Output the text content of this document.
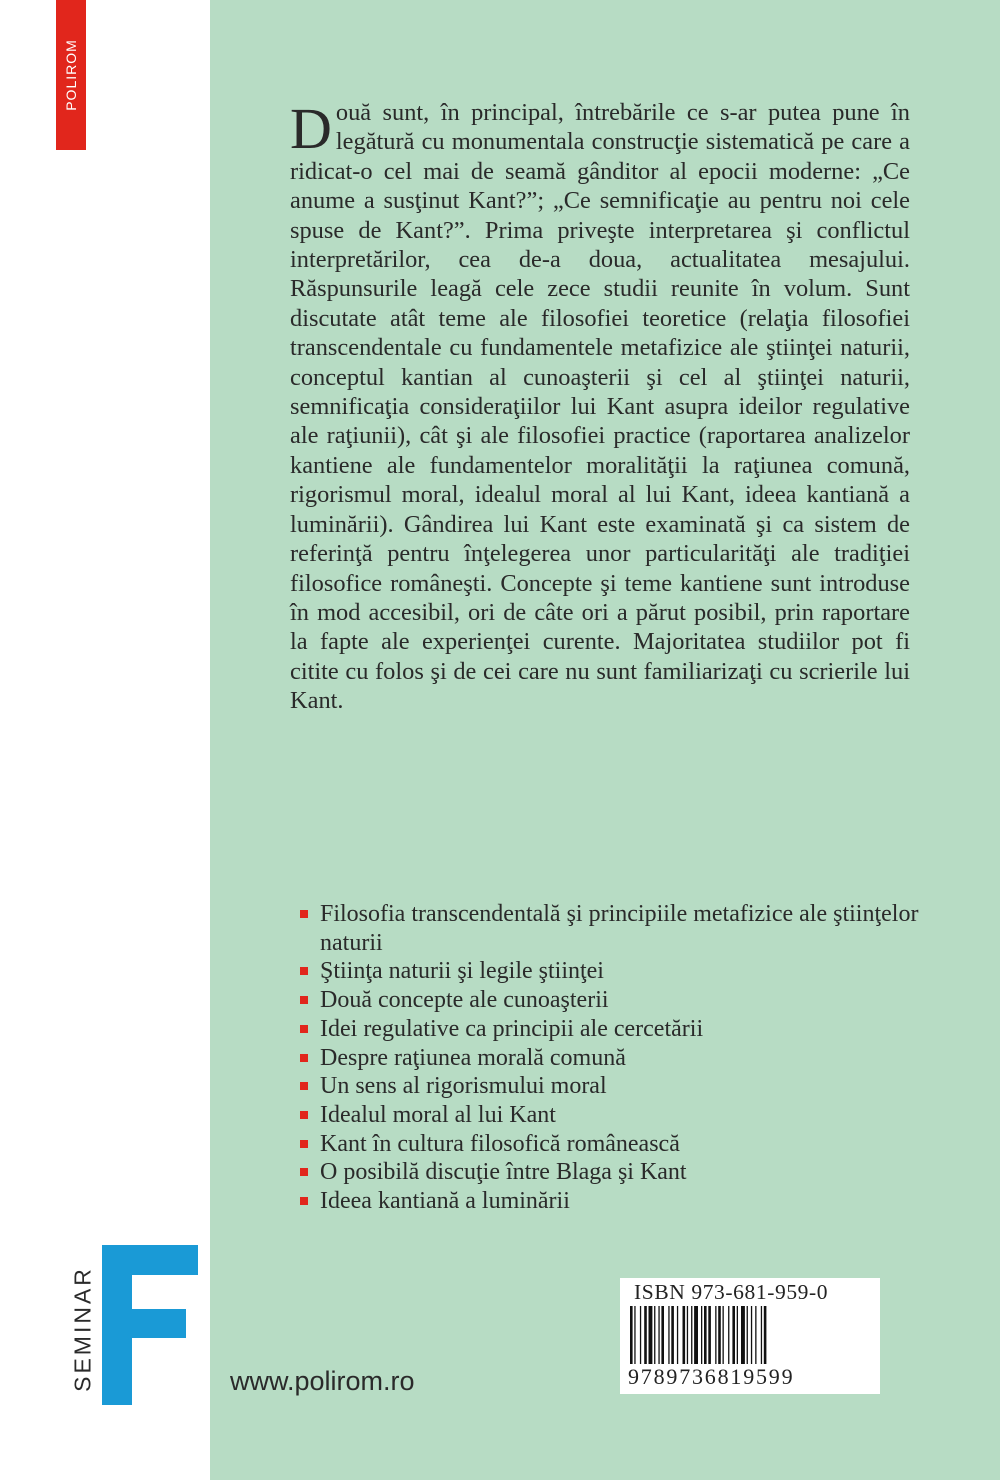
POLIROM

Două sunt, în principal, întrebările ce s-ar putea pune în legătură cu monumentala construcţie sistematică pe care a ridicat-o cel mai de seamă gânditor al epocii moderne: „Ce anume a susţinut Kant?”; „Ce semnificaţie au pentru noi cele spuse de Kant?”. Prima priveşte interpretarea şi conflictul interpretărilor, cea de-a doua, actualitatea mesajului. Răspunsurile leagă cele zece studii reunite în volum. Sunt discutate atât teme ale filosofiei teoretice (relaţia filosofiei transcendentale cu fundamentele metafizice ale ştiinţei naturii, conceptul kantian al cunoaşterii şi cel al ştiinţei naturii, semnificaţia consideraţiilor lui Kant asupra ideilor regulative ale raţiunii), cât şi ale filosofiei practice (raportarea analizelor kantiene ale fundamentelor moralităţii la raţiunea comună, rigorismul moral, idealul moral al lui Kant, ideea kantiană a luminării). Gândirea lui Kant este examinată şi ca sistem de referinţă pentru înţelegerea unor particularităţi ale tradiţiei filosofice româneşti. Concepte şi teme kantiene sunt introduse în mod accesibil, ori de câte ori a părut posibil, prin raportare la fapte ale experienţei curente. Majoritatea studiilor pot fi citite cu folos şi de cei care nu sunt familiarizaţi cu scrierile lui Kant.

Filosofia transcendentală şi principiile metafizice ale ştiinţelor naturii
Ştiinţa naturii şi legile ştiinţei
Două concepte ale cunoaşterii
Idei regulative ca principii ale cercetării
Despre raţiunea morală comună
Un sens al rigorismului moral
Idealul moral al lui Kant
Kant în cultura filosofică românească
O posibilă discuţie între Blaga şi Kant
Ideea kantiană a luminării
SEMINAR	www.polirom.ro

ISBN 973-681-959-0
9789736819599
